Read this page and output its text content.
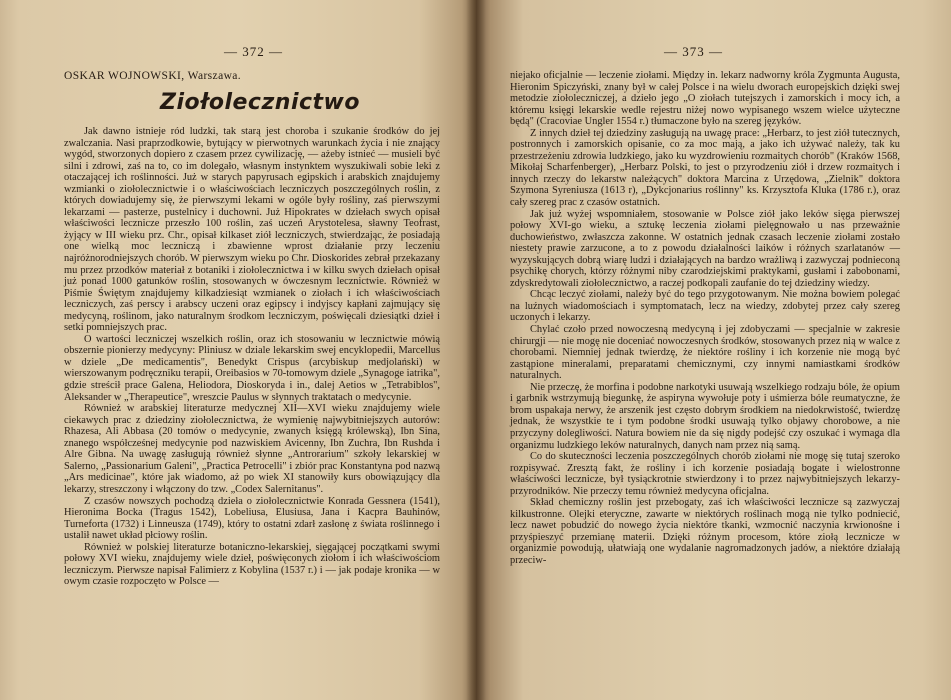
— 372 —
OSKAR WOJNOWSKI, Warszawa.
Ziołolecznictwo

Jak dawno istnieje ród ludzki, tak starą jest choroba i szukanie środków do jej zwalczania. Nasi praprzodkowie, bytujący w pierwotnych warunkach życia i nie znający wygód, stworzonych dopiero z czasem przez cywilizację, — ażeby istnieć — musieli być silni i zdrowi, zaś na to, co im dolegało, własnym instynktem wyszukiwali sobie leki z otaczającej ich roślinności. Już w starych papyrusach egipskich i arabskich znajdujemy wzmianki o ziołolecznictwie i o właściwościach leczniczych poszczególnych roślin, z których dowiadujemy się, że pierwszymi lekami w ogóle były rośliny, zaś pierwszymi lekarzami — pasterze, pustelnicy i duchowni. Już Hipokrates w dziełach swych opisał właściwości lecznicze przeszło 100 roślin, zaś uczeń Arystotelesa, sławny Teofrast, żyjący w III wieku prz. Chr., opisał kilkaset ziół leczniczych, stwierdzając, że posiadają one wielką moc leczniczą i zbawienne wprost działanie przy leczeniu najróżnorodniejszych chorób. W pierwszym wieku po Chr. Dioskorides zebrał przekazany mu przez przodków materiał z botaniki i ziołolecznictwa i w kilku swych dziełach opisał już ponad 1000 gatunków roślin, stosowanych w ówczesnym lecznictwie. Również w Piśmie Świętym znajdujemy kilkadziesiąt wzmianek o ziołach i ich właściwościach leczniczych, zaś perscy i arabscy uczeni oraz egipscy i indyjscy kapłani zajmujący się medycyną, roślinom, jako naturalnym środkom leczniczym, poświęcali dziesiątki dzieł i setki pomniejszych prac.

O wartości leczniczej wszelkich roślin, oraz ich stosowaniu w lecznictwie mówią obszernie pionierzy medycyny: Pliniusz w dziale lekarskim swej encyklopedii, Marcellus w dziele „De medicamentis", Benedykt Crispus (arcybiskup medjolański) w wierszowanym podręczniku terapii, Oreibasios w 70-tomowym dziele „Synagoge iatrika", gdzie streścił prace Galena, Heliodora, Dioskoryda i in., dalej Aetios w „Tetrabiblos", Aleksander w „Therapeutice", wreszcie Paulus w słynnych traktatach o medycynie.

Również w arabskiej literaturze medycznej XII—XVI wieku znajdujemy wiele ciekawych prac z dziedziny ziołolecznictwa, że wymienię najwybitniejszych autorów: Rhazesa, Ali Abbasa (20 tomów o medycynie, zwanych księgą królewską), Ibn Sina, znanego współcześnej medycynie pod nazwiskiem Avicenny, Ibn Zuchra, Ibn Rushda i Alre Gibna. Na uwagę zasługują również słynne „Antrorarium" szkoły lekarskiej w Salerno, „Passionarium Galeni", „Practica Petrocelli" i zbiór prac Konstantyna pod nazwą „Ars medicinae", które jak wiadomo, aż po wiek XI stanowiły kurs obowiązujący dla lekarzy, streszczony i włączony do tzw. „Codex Salernitanus".

Z czasów nowszych pochodzą dzieła o ziołolecznictwie Konrada Gessnera (1541), Hieronima Bocka (Tragus 1542), Lobeliusa, Elusiusa, Jana i Kacpra Bauhinów, Turneforta (1732) i Linneusza (1749), który to ostatni zdarł zasłonę z świata roślinnego i ustalił nawet układ płciowy roślin.

Również w polskiej literaturze botaniczno-lekarskiej, sięgającej początkami swymi połowy XVI wieku, znajdujemy wiele dzieł, poświęconych ziołom i ich właściwościom leczniczym. Pierwsze napisał Falimierz z Kobylina (1537 r.) i — jak podaje kronika — w owym czasie rozpoczęto w Polsce —

— 373 —

niejako oficjalnie — leczenie ziołami. Między in. lekarz nadworny króla Zygmunta Augusta, Hieronim Spiczyński, znany był w całej Polsce i na wielu dworach europejskich dzięki swej metodzie ziołoleczniczej, a dzieło jego „O ziołach tutejszych i zamorskich i mocy ich, a któremu księgi lekarskie wedle rejestru niżej nowo wypisanego wszem wielce użyteczne będą" (Cracoviae Ungler 1554 r.) tłumaczone było na szereg języków.

Z innych dzieł tej dziedziny zasługują na uwagę prace: „Herbarz, to jest ziół tutecznych, postronnych i zamorskich opisanie, co za moc mają, a jako ich używać należy, tak ku przestrzeżeniu zdrowia ludzkiego, jako ku wyzdrowieniu rozmaitych chorób" (Kraków 1568, Mikołaj Scharfenberger), „Herbarz Polski, to jest o przyrodzeniu ziół i drzew rozmaitych i innych rzeczy do lekarstw należących" doktora Marcina z Urzędowa, „Zielnik" doktora Szymona Syreniusza (1613 r), „Dykcjonarius roślinny" ks. Krzysztofa Kluka (1786 r.), oraz cały szereg prac z czasów ostatnich.

Jak już wyżej wspomniałem, stosowanie w Polsce ziół jako leków sięga pierwszej połowy XVI-go wieku, a sztukę leczenia ziołami pielęgnowało u nas przeważnie duchowieństwo, zwłaszcza zakonne. W ostatnich jednak czasach leczenie ziołami zostało niestety prawie zarzucone, a to z powodu działalności laików i różnych szarlatanów — wyzyskujących dobrą wiarę ludzi i działających na bardzo wrażliwą i zazwyczaj podnieconą psychikę chorych, którzy różnymi niby czarodziejskimi praktykami, gusłami i zabobonami, zdyskredytowali ziołolecznictwo, a raczej podkopali zaufanie do tej dziedziny wiedzy.

Chcąc leczyć ziołami, należy być do tego przygotowanym. Nie można bowiem polegać na luźnych wiadomościach i symptomatach, lecz na wiedzy, zdobytej przez cały szereg uczonych i lekarzy.

Chylać czoło przed nowoczesną medycyną i jej zdobyczami — specjalnie w zakresie chirurgji — nie mogę nie doceniać nowoczesnych środków, stosowanych przez nią w walce z chorobami. Niemniej jednak twierdzę, że niektóre rośliny i ich korzenie nie mogą być zastąpione mineralami, preparatami chemicznymi, czy innymi namiastkami środków naturalnych.

Nie przeczę, że morfina i podobne narkotyki usuwają wszelkiego rodzaju bóle, że opium i garbnik wstrzymują biegunkę, że aspiryna wywołuje poty i uśmierza bóle reumatyczne, że brom uspakaja nerwy, że arszenik jest często dobrym środkiem na niedokrwistość, twierdzę jednak, że wszystkie te i tym podobne środki usuwają tylko objawy chorobowe, a nie przyczyny dolegliwości. Natura bowiem nie da się nigdy podejść czy oszukać i wymaga dla organizmu ludzkiego leków naturalnych, danych nam przez nią samą.

Co do skuteczności leczenia poszczególnych chorób ziołami nie mogę się tutaj szeroko rozpisywać. Zresztą fakt, że rośliny i ich korzenie posiadają bogate i wielostronne właściwości lecznicze, był tysiąckrotnie stwierdzony i to przez najwybitniejszych lekarzy-przyrodników. Nie przeczy temu również medycyna oficjalna.

Skład chemiczny roślin jest przebogaty, zaś ich właściwości lecznicze są zazwyczaj kilkustronne. Olejki eteryczne, zawarte w niektórych roślinach mogą nie tylko podniecić, lecz nawet pobudzić do nowego życia niektóre tkanki, wzmocnić naczynia krwionośne i przyśpieszyć przemianę materii. Dzięki różnym procesom, które ziołą lecznicze w organizmie powodują, ułatwiają one wydalanie nagromadzonych jadów, a niektóre działają przeciw-
